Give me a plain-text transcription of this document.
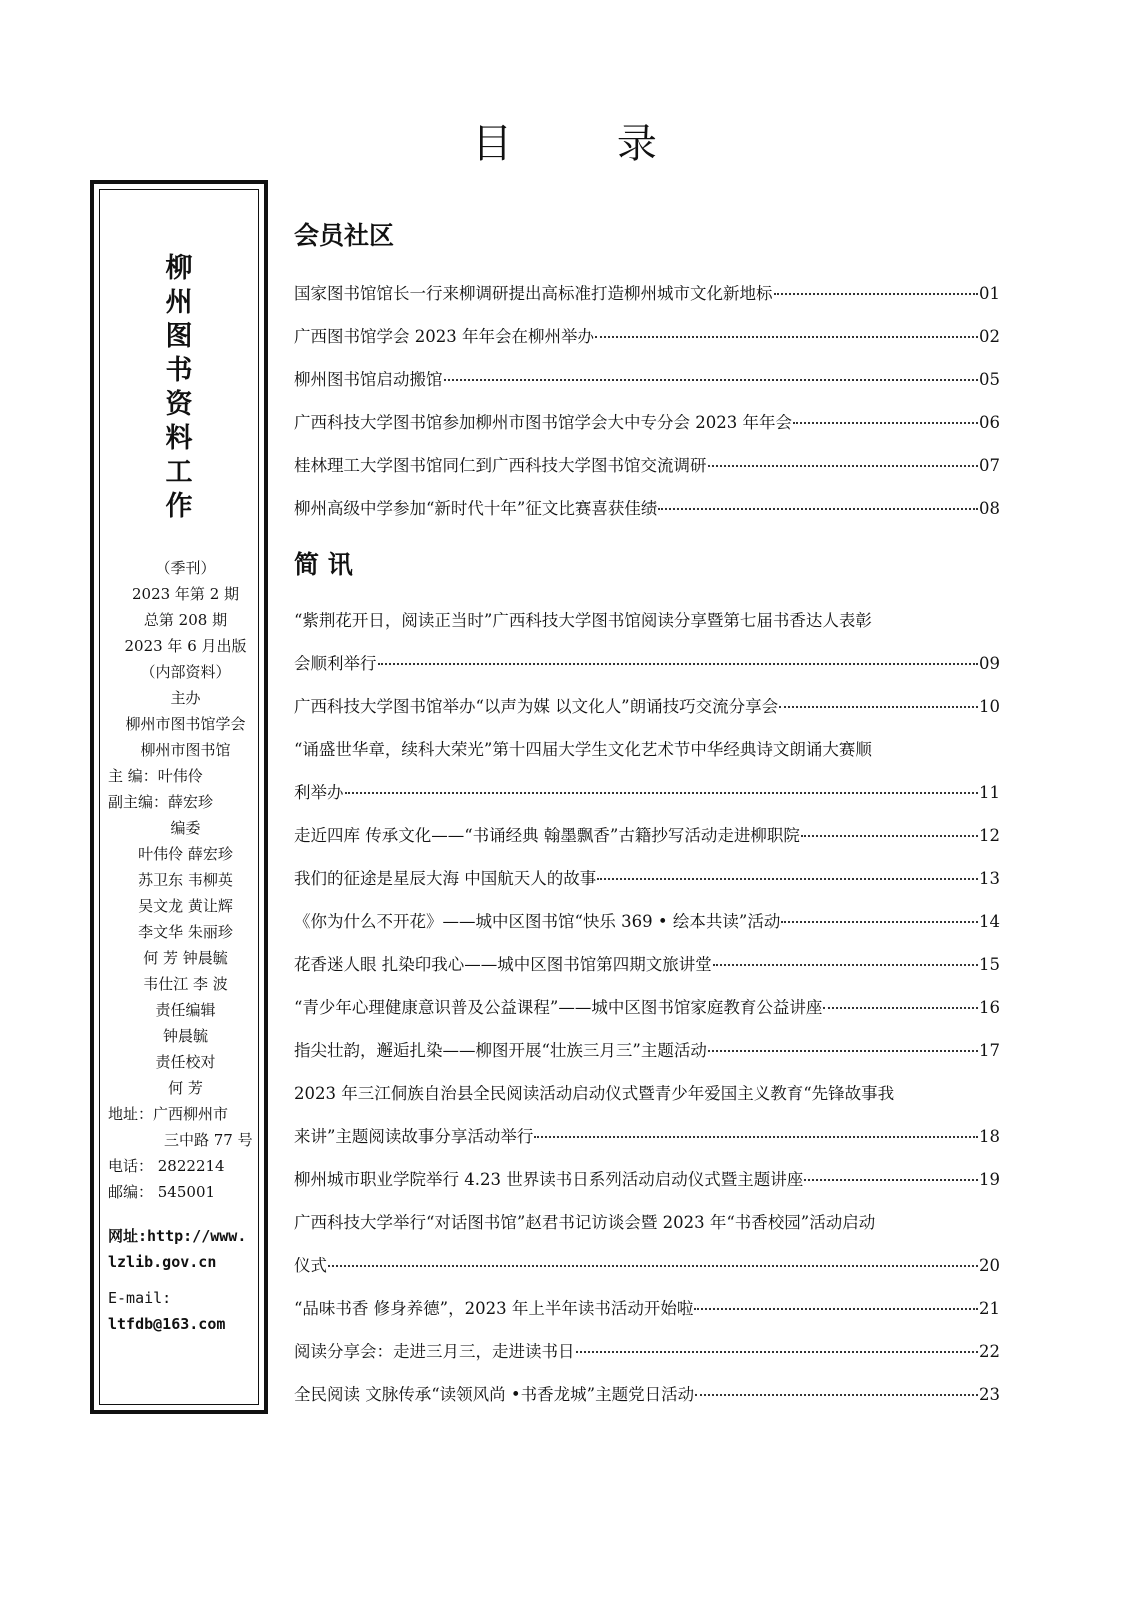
目 录
柳
州
图
书
资
料
工
作
（季刊）
2023 年第 2 期
总第 208 期
2023 年 6 月出版
（内部资料）
主办
柳州市图书馆学会
柳州市图书馆
主 编：叶伟伶
副主编：薛宏珍
编委
叶伟伶 薛宏珍
苏卫东 韦柳英
吴文龙 黄让辉
李文华 朱丽珍
何 芳 钟晨毓
韦仕江 李 波
责任编辑
钟晨毓
责任校对
何 芳
地址：广西柳州市
三中路 77 号
电话： 2822214
邮编： 545001
网址:http://www.
lzlib.gov.cn
E-mail:
ltfdb@163.com
会员社区
国家图书馆馆长一行来柳调研提出高标准打造柳州城市文化新地标	01
广西图书馆学会 2023 年年会在柳州举办	02
柳州图书馆启动搬馆	05
广西科技大学图书馆参加柳州市图书馆学会大中专分会 2023 年年会	06
桂林理工大学图书馆同仁到广西科技大学图书馆交流调研	07
柳州高级中学参加“新时代十年”征文比赛喜获佳绩	08
简 讯
“紫荆花开日，阅读正当时”广西科技大学图书馆阅读分享暨第七届书香达人表彰
会顺利举行	09
广西科技大学图书馆举办“以声为媒 以文化人”朗诵技巧交流分享会	10
“诵盛世华章，续科大荣光”第十四届大学生文化艺术节中华经典诗文朗诵大赛顺
利举办	11
走近四库 传承文化——“书诵经典 翰墨飘香”古籍抄写活动走进柳职院	12
我们的征途是星辰大海 中国航天人的故事	13
《你为什么不开花》——城中区图书馆“快乐 369 • 绘本共读”活动	14
花香迷人眼 扎染印我心——城中区图书馆第四期文旅讲堂	15
“青少年心理健康意识普及公益课程”——城中区图书馆家庭教育公益讲座	16
指尖壮韵，邂逅扎染——柳图开展“壮族三月三”主题活动	17
2023 年三江侗族自治县全民阅读活动启动仪式暨青少年爱国主义教育“先锋故事我
来讲”主题阅读故事分享活动举行	18
柳州城市职业学院举行 4.23 世界读书日系列活动启动仪式暨主题讲座	19
广西科技大学举行“对话图书馆”赵君书记访谈会暨 2023 年“书香校园”活动启动
仪式	20
“品味书香 修身养德”，2023 年上半年读书活动开始啦	21
阅读分享会：走进三月三，走进读书日	22
全民阅读 文脉传承“读领风尚 •书香龙城”主题党日活动	23
